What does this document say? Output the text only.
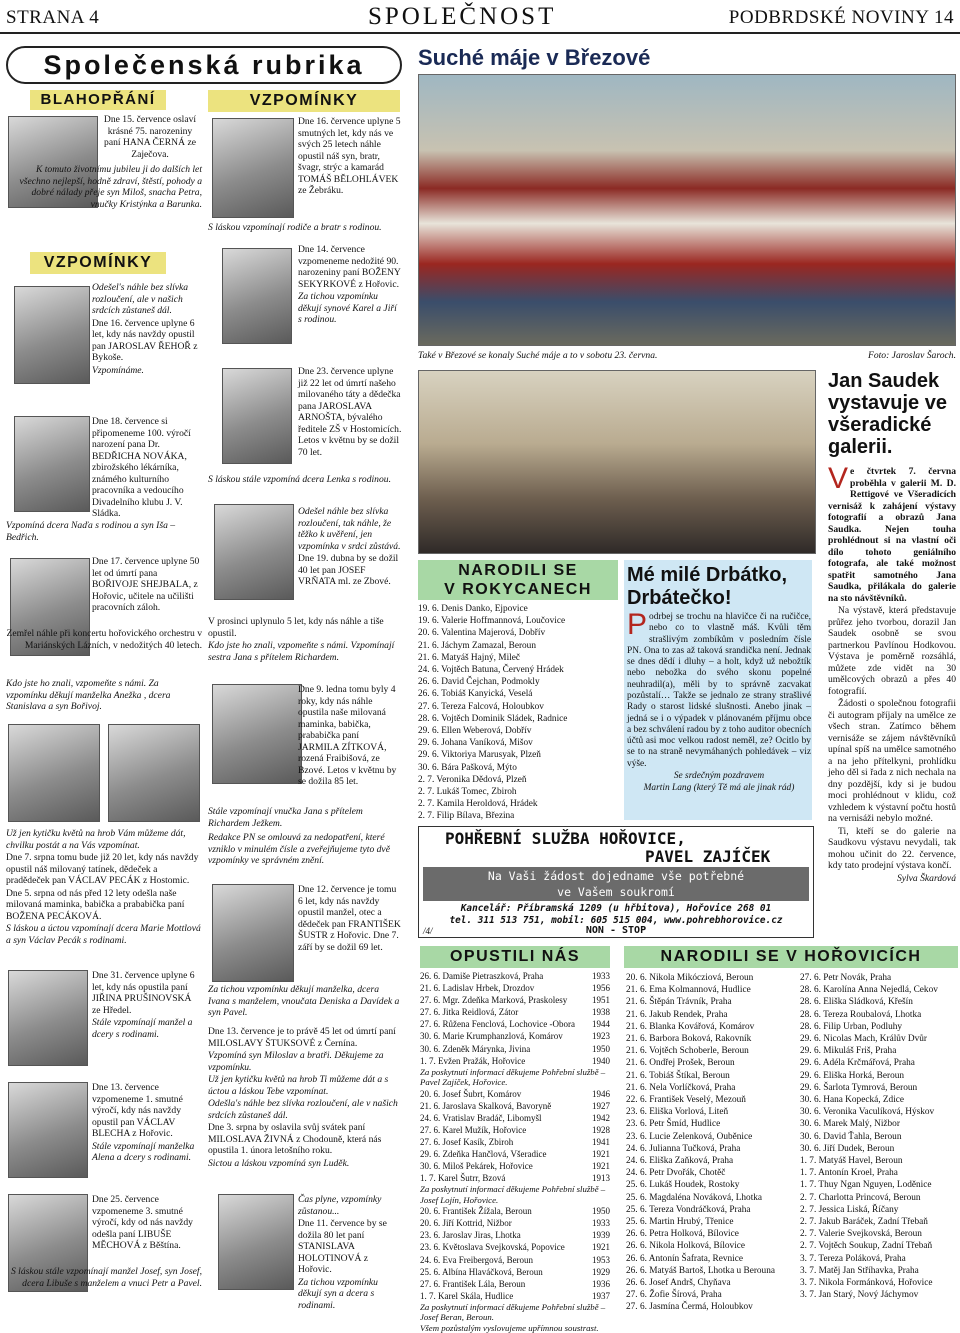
STRANA 4	SPOLEČNOST	PODBRDSKÉ NOVINY 14
Společenská rubrika
BLAHOPŘÁNÍ
Dne 15. července oslaví krásné 75. narozeniny paní HANA ČERNÁ ze Zaječova.
K tomuto životnímu jubileu ji do dalších let všechno nejlepší, hodně zdraví, štěstí, pohody a dobré nálady přeje syn Miloš, snacha Petra, vnučky Kristýnka a Barunka.
VZPOMÍNKY

Odešel's náhle bez slívka rozloučení, ale v našich srdcích zůstaneš dál.

Dne 16. července uplyne 6 let, kdy nás navždy opustil pan JAROSLAV ŘEHOŘ z Bykoše.

Vzpomínáme.

Dne 18. července si připomeneme 100. výročí narození pana Dr. BEDŘICHA NOVÁKA, zbirožského lékárníka, známého kulturního pracovníka a vedoucího Divadelního klubu J. V. Sládka.
Vzpomíná dcera Naďa s rodinou a syn Iša – Bedřich.
Dne 17. července uplyne 50 let od úmrtí pana BOŘIVOJE SHEJBALA, z Hořovic, učitele na učilišti pracovních záloh.
Zemřel náhle při koncertu hořovického orchestru v Mariánských Lázních, v nedožitých 40 letech.
Kdo jste ho znali, vzpomeňte s námi. Za vzpomínku děkují manželka Anežka , dcera Stanislava a syn Bořivoj.

Už jen kytičku květů na hrob Vám můžeme dát, chvilku postát a na Vás vzpomínat.

Dne 7. srpna tomu bude již 20 let, kdy nás navždy opustil náš milovaný tatínek, dědeček a pradědeček pan VÁCLAV PECÁK z Hostomic.

Dne 5. srpna od nás před 12 lety odešla naše milovaná maminka, babička a prababička paní BOŽENA PECÁKOVÁ.

S láskou a úctou vzpomínají dcera Marie Mottlová a syn Václav Pecák s rodinami.

Dne 31. července uplyne 6 let, kdy nás opustila paní JIŘINA PRUŠINOVSKÁ ze Hředel.

Stále vzpomínají manžel a dcery s rodinami.

Dne 13. července vzpomeneme 1. smutné výročí, kdy nás navždy opustil pan VÁCLAV BLECHA z Hořovic.

Stále vzpomínají manželka Alena a dcery s rodinami.

Dne 25. července vzpomeneme 3. smutné výročí, kdy od nás navždy odešla paní LIBUŠE MĚCHOVÁ z Běštína.
S láskou stále vzpomínají manžel Josef, syn Josef, dcera Libuše s manželem a vnuci Petr a Pavel.
VZPOMÍNKY
Dne 16. července uplyne 5 smutných let, kdy nás ve svých 25 letech náhle opustil náš syn, bratr, švagr, strýc a kamarád TOMÁŠ BĚLOHLÁVEK ze Žebráku.
S láskou vzpomínají rodiče a bratr s rodinou.

Dne 14. července vzpomeneme nedožité 90. narozeniny paní BOŽENY SEKYRKOVÉ z Hořovic.

Za tichou vzpomínku děkují synové Karel a Jiří s rodinou.

Dne 23. července uplyne již 22 let od úmrtí našeho milovaného táty a dědečka pana JAROSLAVA ARNOŠTA, bývalého ředitele ZŠ v Hostomicích. Letos v květnu by se dožil 70 let.
S láskou stále vzpomíná dcera Lenka s rodinou.

Odešel náhle bez slívka rozloučení, tak náhle, že těžko k uvěření, jen vzpomínka v srdci zůstává.

Dne 19. dubna by se dožil 40 let pan JOSEF VRŇATA ml. ze Zbové.

V prosinci uplynulo 5 let, kdy nás náhle a tiše opustil.

Kdo jste ho znali, vzpomeňte s námi. Vzpomínají sestra Jana s přítelem Richardem.

Dne 9. ledna tomu byly 4 roky, kdy nás náhle opustila naše milovaná maminka, babička, prababička paní JARMILA ZÍTKOVÁ, rozená Fraibišová, ze Bzové. Letos v květnu by se dožila 85 let.
Stále vzpomínají vnučka Jana s přítelem Richardem Ježkem.
Redakce PN se omlouvá za nedopatření, které vzniklo v minulém čísle a zveřejňujeme tyto dvě vzpomínky ve správném znění.
Dne 12. července je tomu 6 let, kdy nás navždy opustil manžel, otec a dědeček pan FRANTIŠEK ŠUSTR z Hořovic. Dne 7. září by se dožil 69 let.
Za tichou vzpomínku děkují manželka, dcera Ivana s manželem, vnoučata Deniska a Davídek a syn Pavel.

Dne 13. července je to právě 45 let od úmrtí paní MILOSLAVY ŠTUKSOVÉ z Černína.

Vzpomíná syn Miloslav a bratři. Děkujeme za vzpomínku.

Už jen kytičku květů na hrob Ti můžeme dát a s úctou a láskou Tebe vzpomínat.

Odešla's náhle bez slívka rozloučení, ale v našich srdcích zůstaneš dál.

Dne 3. srpna by oslavila svůj svátek paní MILOSLAVA ŽIVNÁ z Chodouně, která nás opustila 1. února letošního roku.

Sictou a láskou vzpomíná syn Luděk.

Čas plyne, vzpomínky zůstanou...

Dne 11. července by se dožila 80 let paní STANISLAVA HOLOTINOVÁ z Hořovic.

Za tichou vzpomínku děkují syn a dcera s rodinami.

Suché máje v Březové
Také v Březové se konaly Suché máje a to v sobotu 23. června.	Foto: Jaroslav Šaroch.
Jan Saudek vystavuje ve všeradické galerii.

Ve čtvrtek 7. června proběhla v galerii M. D. Rettigové ve Všeradicích vernisáž k zahájení výstavy fotografií a obrazů Jana Saudka. Nejen touha prohlédnout si na vlastní oči dílo tohoto geniálního fotografa, ale také možnost spatřit samotného Jana Saudka, přilákala do galerie na sto návštěvníků.

Na výstavě, která představuje průřez jeho tvorbou, dorazil Jan Saudek osobně se svou partnerkou Pavlínou Hodkovou. Výstava je poměrně rozsáhlá, můžete zde vidět na 30 umělcových obrazů a přes 40 fotografií.

Žádosti o společnou fotografii či autogram příjaly na umělce ze všech stran. Zatímco během vernisáže se zájem návštěvníků upínal spíš na umělce samotného a na jeho přítelkyni, prohlídku jeho děl si řada z nich nechala na dny pozdější, kdy si je budou moci prohlédnout v klidu, což vzhledem k výstavní počtu hostů na vernisáži nebylo možné.

Ti, kteří se do galerie na Saudkovu výstavu nevydali, tak mohou učinit do 22. července, kdy tato prodejní výstava končí.

Sylva Škardová

NARODILI SE
V ROKYCANECH
19. 6. Denis Danko, Ejpovice
19. 6. Valerie Hoffmannová, Loučovice
20. 6. Valentina Majerová, Dobřív
21. 6. Jáchym Zamazal, Beroun
21. 6. Matyáš Hajný, Mileč
24. 6. Vojtěch Batuna, Červený Hrádek
26. 6. David Čejchan, Podmokly
26. 6. Tobiáš Kanyická, Veselá
27. 6. Tereza Falcová, Holoubkov
28. 6. Vojtěch Dominik Sládek, Radnice
29. 6. Ellen Weberová, Dobřív
29. 6. Johana Vaníková, Mišov
29. 6. Viktoriya Marusyak, Plzeň
30. 6. Bára Pašková, Mýto
2. 7. Veronika Dědová, Plzeň
2. 7. Lukáš Tomec, Zbiroh
2. 7. Kamila Heroldová, Hrádek
2. 7. Filip Bílava, Březina
Mé milé Drbátko, Drbátečko!

Podrbej se trochu na hlavičce či na ručičce, nebo co to vlastně máš. Kvůli těm strašlivým zombíkům v posledním čísle PN. Ona to zas až taková srandička není. Jednak se dnes dědí i dluhy – a holt, když už nebožtík nebo nebožka do svého skonu popelné neuhradil(a), měli by to správně zacvakat pozůstalí… Takže se jednalo ze strany strašlivé Rady o starost lidské slušnosti. Anebo jinak – jedná se i o výpadek v plánovaném příjmu obce a bez schválení radou by z toho auditor obecních účtů asi moc velkou radost neměl, ze? Ocitlo by se to na straně nevymáhaných pohledávek – viz výše.

Se srdečným pozdravem

Martin Lang (který Tě má ale jinak rád)

POHŘEBNÍ SLUŽBA HOŘOVICE,
PAVEL ZAJÍČEK
Na Vaši žádost dojedname vše potřebné
ve Vašem soukromí
Kancelář: Příbramská 1209 (u hřbitova), Hořovice 268 01
tel. 311 513 751, mobil: 605 515 004, www.pohrebhorovice.cz
/4/	NON - STOP
OPUSTILI NÁS
26. 6. Damiše Pietraszková, Praha	1933
21. 6. Ladislav Hrbek, Drozdov	1956
27. 6. Mgr. Zdeňka Marková, Praskolesy	1951
27. 6. Jitka Reidlová, Zátor	1938
27. 6. Růžena Fenclová, Lochovice -Obora	1944
30. 6. Marie Krumphanzlová, Komárov	1923
30. 6. Zdeněk Márynka, Jivina	1950
1. 7. Evžen Pražák, Hořovice	1940
Za poskytnutí informací děkujeme Pohřební službě – Pavel Zajíček, Hořovice.
20. 6. Josef Šubrt, Komárov	1946
21. 6. Jaroslava Skalková, Bavoryně	1927
24. 6. Vratislav Bradáč, Libomyšl	1942
27. 6. Karel Mužík, Hořovice	1928
27. 6. Josef Kasík, Zbiroh	1941
29. 6. Zdeňka Hančlová, Všeradice	1921
30. 6. Miloš Pekárek, Hořovice	1921
1. 7. Karel Šutrr, Bzová	1913
Za poskytnutí informací děkujeme Pohřební službě – Josef Lojín, Hořovice.
20. 6. František Žížala, Beroun	1950
20. 6. Jiří Kottrid, Nižbor	1933
23. 6. Jaroslav Jiras, Lhotka	1939
23. 6. Květoslava Svejkovská, Popovice	1921
24. 6. Eva Freibergová, Beroun	1953
25. 6. Albína Hlaváčková, Beroun	1929
27. 6. František Lála, Beroun	1936
1. 7. Karel Skála, Hudlice	1937
Za poskytnutí informací děkujeme Pohřební službě – Josef Beran, Beroun.
Všem pozůstalým vyslovujeme upřímnou soustrast.
NARODILI SE V HOŘOVICÍCH
20. 6. Nikola Mikócziová, Beroun
21. 6. Ema Kolmannová, Hudlice
21. 6. Štěpán Trávník, Praha
21. 6. Jakub Rendek, Praha
21. 6. Blanka Kovářová, Komárov
21. 6. Barbora Boková, Rakovník
21. 6. Vojtěch Schoberle, Beroun
21. 6. Ondřej Prošek, Beroun
21. 6. Tobiáš Štíkal, Beroun
21. 6. Nela Vorlíčková, Praha
22. 6. František Veselý, Mezouň
23. 6. Eliška Vorlová, Liteň
23. 6. Petr Šmíd, Hudlice
23. 6. Lucie Zelenková, Ouběnice
24. 6. Julianna Tučková, Praha
24. 6. Eliška Zaňková, Praha
24. 6. Petr Dvořák, Chotěč
25. 6. Lukáš Houdek, Rostoky
25. 6. Magdaléna Nováková, Lhotka
25. 6. Tereza Vondráčková, Praha
25. 6. Martin Hrubý, Třenice
26. 6. Petra Holková, Bílovice
26. 6. Nikola Holková, Bílovice
26. 6. Antonín Šafrata, Revnice
26. 6. Matyáš Bartoš, Lhotka u Berouna
26. 6. Josef Andrš, Chyňava
27. 6. Žofie Šírová, Praha
27. 6. Jasmína Čermá, Holoubkov
27. 6. Petr Novák, Praha
28. 6. Karolína Anna Nejedlá, Cekov
28. 6. Eliška Sládková, Křešín
28. 6. Tereza Roubalová, Lhotka
28. 6. Filip Urban, Podluhy
29. 6. Nicolas Mach, Králův Dvůr
29. 6. Mikuláš Friš, Praha
29. 6. Adéla Krčmářová, Praha
29. 6. Eliška Horká, Beroun
29. 6. Šarlota Tymrová, Beroun
30. 6. Hana Kopecká, Zdice
30. 6. Veronika Vaculíková, Hýskov
30. 6. Marek Malý, Nižbor
30. 6. David Ťahla, Beroun
30. 6. Jiří Dudek, Beroun
1. 7. Matyáš Havel, Beroun
1. 7. Antonín Kroel, Praha
1. 7. Thuy Ngan Nguyen, Loděnice
2. 7. Charlotta Princová, Beroun
2. 7. Jessica Liská, Říčany
2. 7. Jakub Baráček, Zadní Třebaň
2. 7. Valerie Svejkovská, Beroun
2. 7. Vojtěch Soukup, Zadní Třebaň
3. 7. Tereza Poláková, Praha
3. 7. Matěj Jan Stříhavka, Praha
3. 7. Nikola Formánková, Hořovice
3. 7. Jan Starý, Nový Jáchymov
